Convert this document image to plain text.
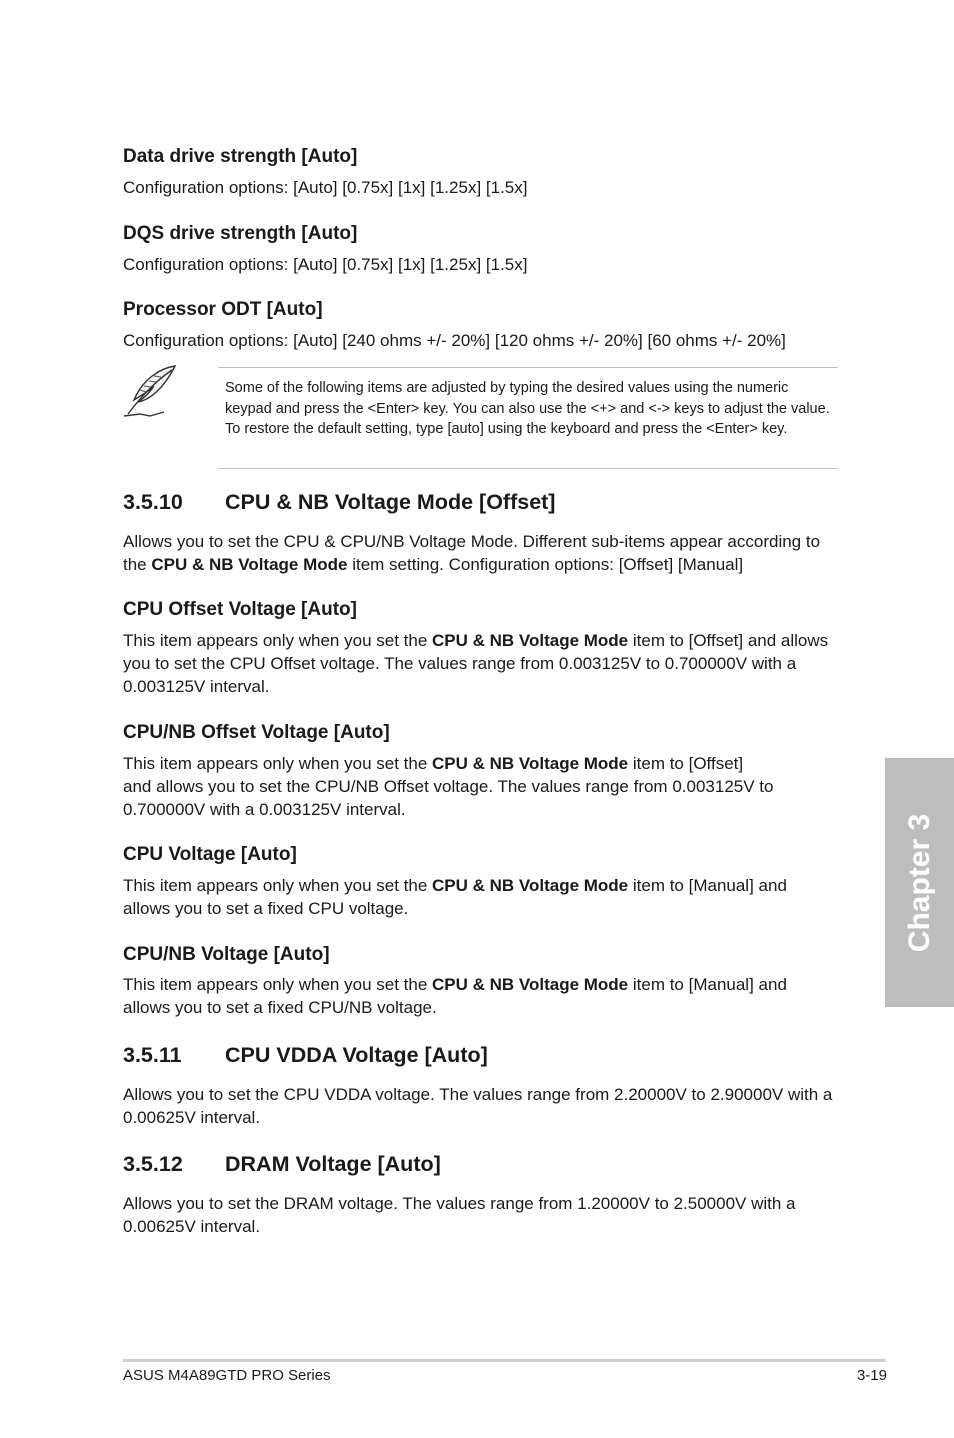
Data drive strength [Auto]

Configuration options: [Auto] [0.75x] [1x] [1.25x] [1.5x]

DQS drive strength [Auto]

Configuration options: [Auto] [0.75x] [1x] [1.25x] [1.5x]

Processor ODT [Auto]

Configuration options: [Auto] [240 ohms +/- 20%] [120 ohms +/- 20%] [60 ohms +/- 20%]

Some of the following items are adjusted by typing the desired values using the numeric keypad and press the <Enter> key. You can also use the <+> and <-> keys to adjust the value. To restore the default setting, type [auto] using the keyboard and press the <Enter> key.

3.5.10 CPU & NB Voltage Mode [Offset]

Allows you to set the CPU & CPU/NB Voltage Mode. Different sub-items appear according to the CPU & NB Voltage Mode item setting. Configuration options: [Offset] [Manual]

CPU Offset Voltage [Auto]

This item appears only when you set the CPU & NB Voltage Mode item to [Offset] and allows you to set the CPU Offset voltage. The values range from 0.003125V to 0.700000V with a 0.003125V interval.

CPU/NB Offset Voltage [Auto]

This item appears only when you set the CPU & NB Voltage Mode item to [Offset]
and allows you to set the CPU/NB Offset voltage. The values range from 0.003125V to 0.700000V with a 0.003125V interval.

CPU Voltage [Auto]

This item appears only when you set the CPU & NB Voltage Mode item to [Manual] and allows you to set a fixed CPU voltage.

CPU/NB Voltage [Auto]

This item appears only when you set the CPU & NB Voltage Mode item to [Manual] and allows you to set a fixed CPU/NB voltage.

3.5.11 CPU VDDA Voltage [Auto]

Allows you to set the CPU VDDA voltage. The values range from 2.20000V to 2.90000V with a 0.00625V interval.

3.5.12 DRAM Voltage [Auto]

Allows you to set the DRAM voltage. The values range from 1.20000V to 2.50000V with a 0.00625V interval.

Chapter 3
ASUS M4A89GTD PRO Series	3-19
